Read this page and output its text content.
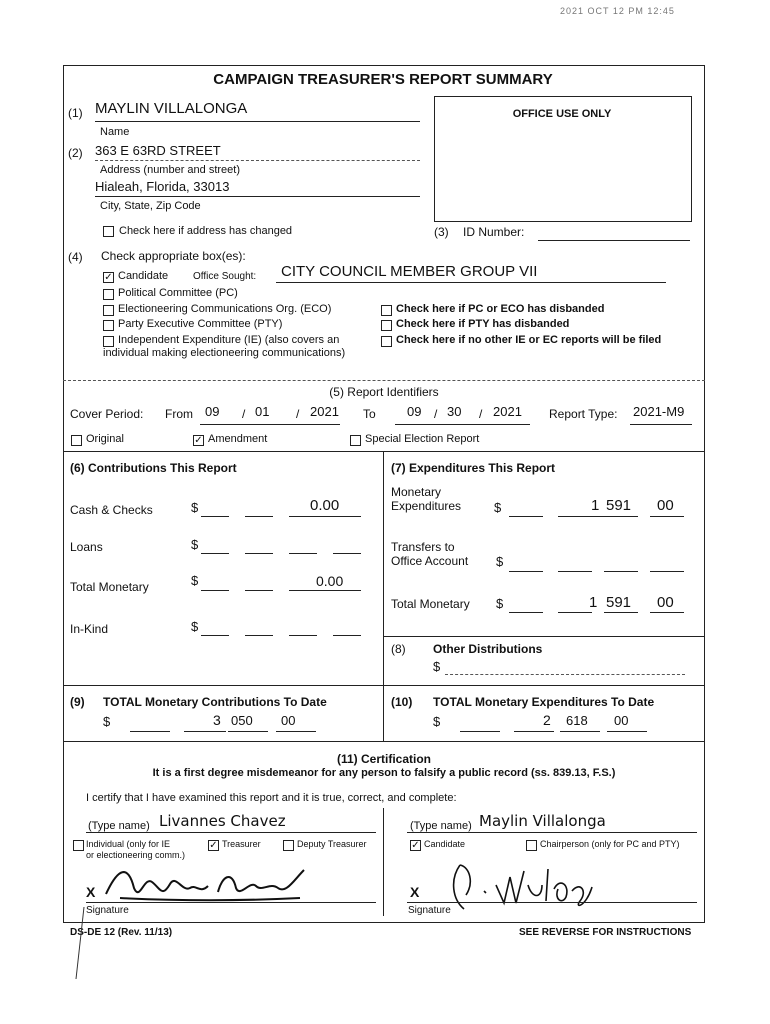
2021 OCT 12 PM 12:45
CAMPAIGN TREASURER'S REPORT SUMMARY
(1) MAYLIN VILLALONGA
Name
OFFICE USE ONLY
(2) 363 E 63RD STREET
Address (number and street)
Hialeah, Florida, 33013
City, State, Zip Code
Check here if address has changed	(3) ID Number:
(4) Check appropriate box(es):
✓ Candidate Office Sought: CITY COUNCIL MEMBER GROUP VII
Political Committee (PC)
Electioneering Communications Org. (ECO)
Party Executive Committee (PTY)
Independent Expenditure (IE) (also covers an
individual making electioneering communications)
Check here if PC or ECO has disbanded
Check here if PTY has disbanded
Check here if no other IE or EC reports will be filed
(5) Report Identifiers
Cover Period: From 09 / 01 / 2021 To 09 / 30 / 2021 Report Type: 2021-M9
Original	✓ Amendment	Special Election Report
(6) Contributions This Report
Cash & Checks	$	0.00
Loans	$
Total Monetary	$	0.00
In-Kind	$
(7) Expenditures This Report
Monetary
Expenditures	$	1 591 00
Transfers to
Office Account $
Total Monetary $	1 591 00
(8) Other Distributions
$
(9) TOTAL Monetary Contributions To Date
$	3 050 00
(10) TOTAL Monetary Expenditures To Date
$	2 618 00
(11) Certification
It is a first degree misdemeanor for any person to falsify a public record (ss. 839.13, F.S.)
I certify that I have examined this report and it is true, correct, and complete:
(Type name) Livannes Chavez
Individual (only for IE
or electioneering comm.)
✓ Treasurer	Deputy Treasurer
(Type name) Maylin Villalonga
✓ Candidate	Chairperson (only for PC and PTY)
X
Signature
X
Signature
DS-DE 12 (Rev. 11/13)	SEE REVERSE FOR INSTRUCTIONS
